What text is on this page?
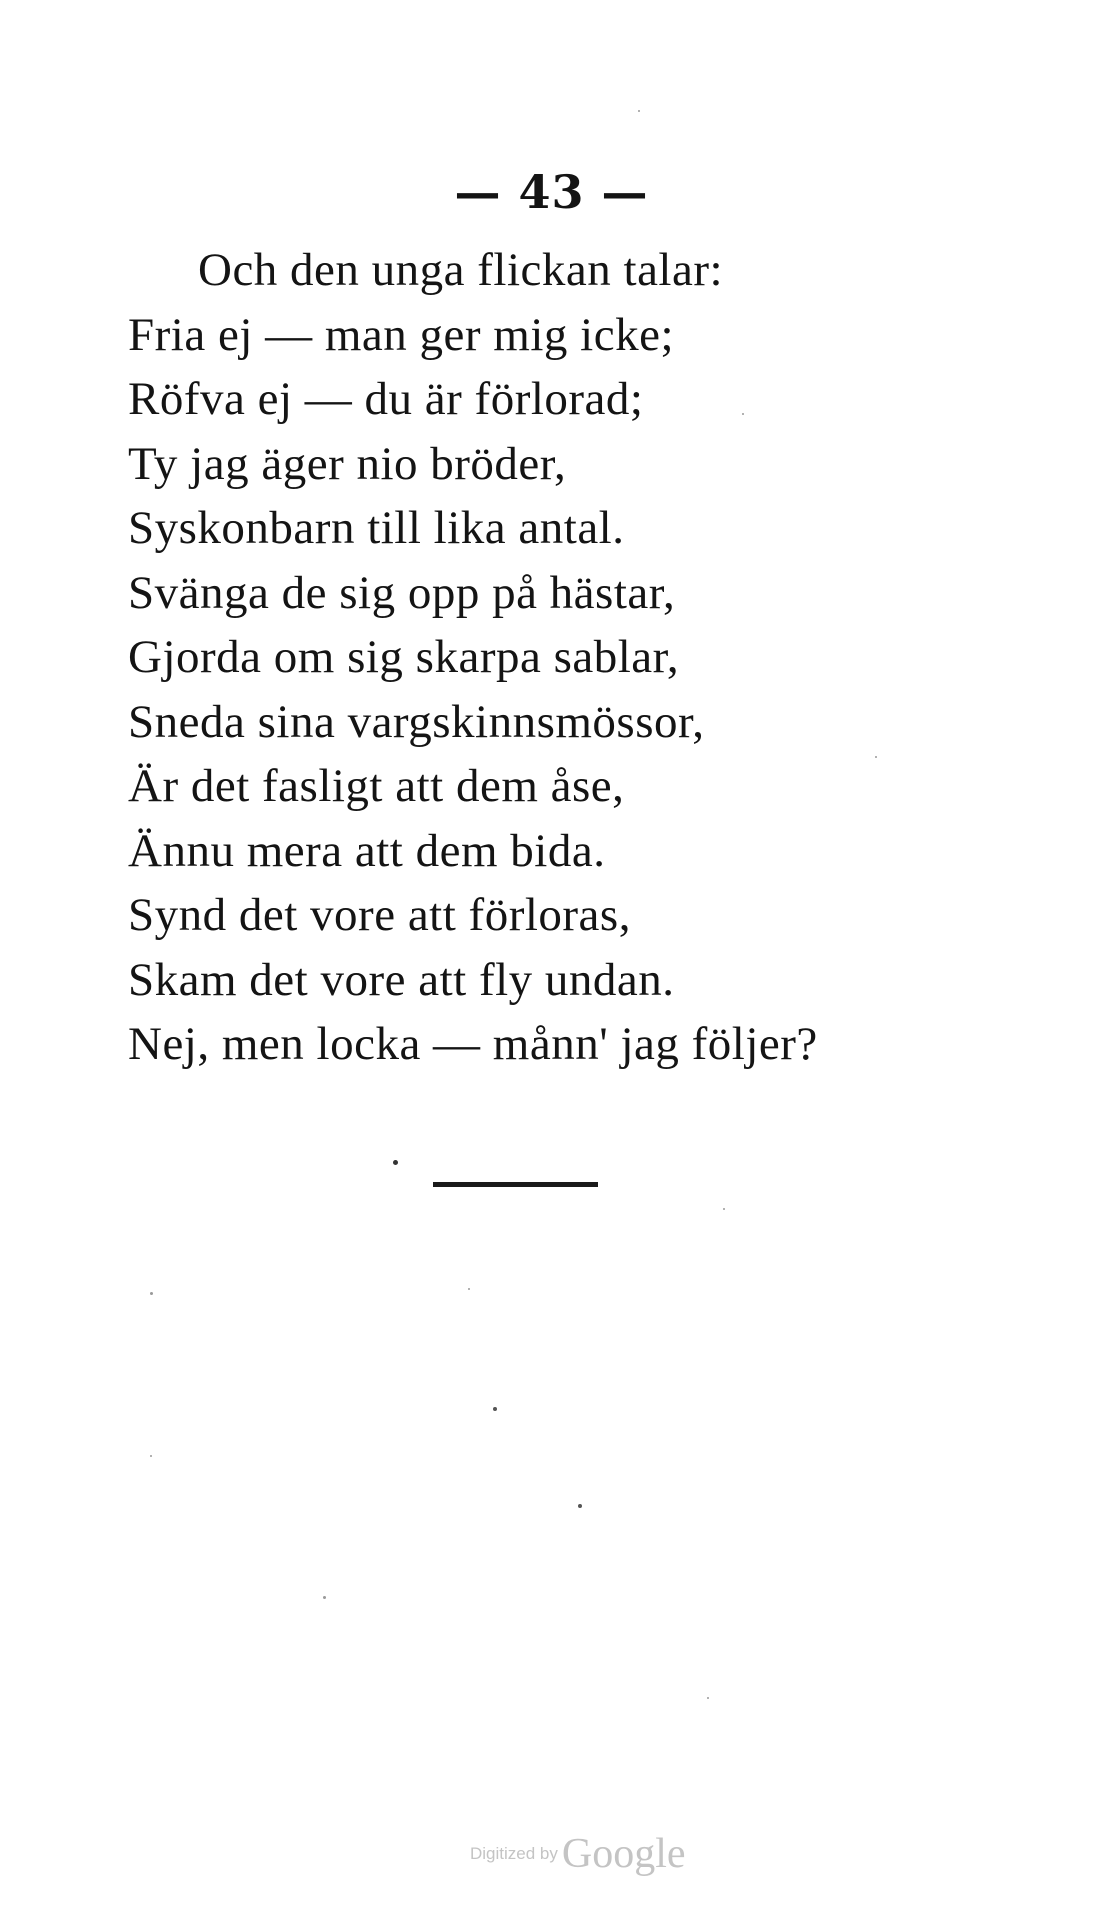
— 43 —
Och den unga flickan talar:
Fria ej — man ger mig icke;
Röfva ej — du är förlorad;
Ty jag äger nio bröder,
Syskonbarn till lika antal.
Svänga de sig opp på hästar,
Gjorda om sig skarpa sablar,
Sneda sina vargskinnsmössor,
Är det fasligt att dem åse,
Ännu mera att dem bida.
Synd det vore att förloras,
Skam det vore att fly undan.
Nej, men locka — månn' jag följer?
Digitized byGoogle
